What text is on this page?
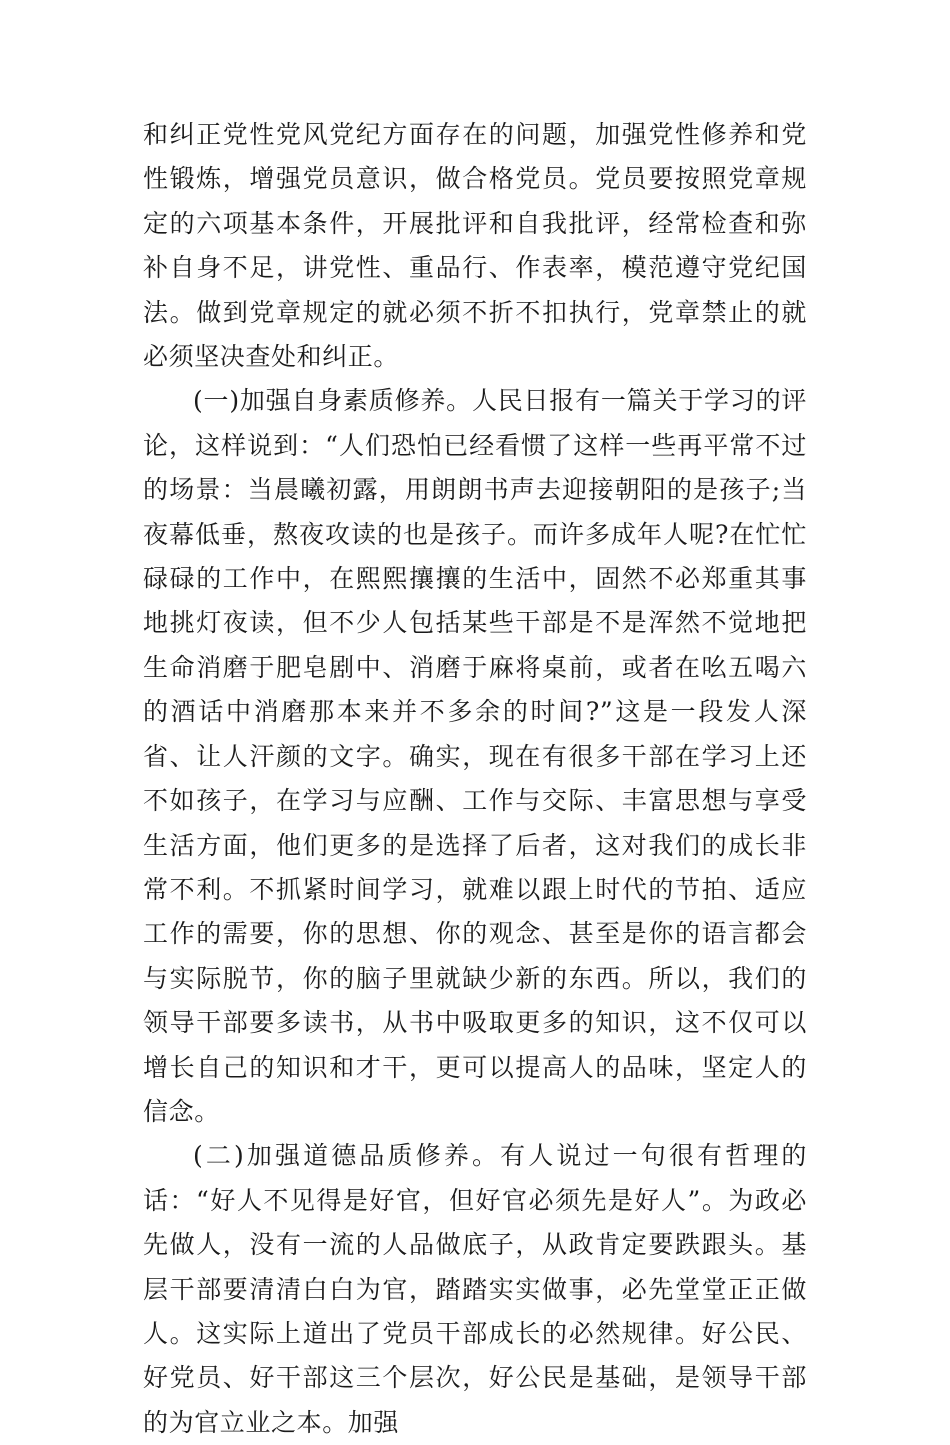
和纠正党性党风党纪方面存在的问题，加强党性修养和党性锻炼，增强党员意识，做合格党员。党员要按照党章规定的六项基本条件，开展批评和自我批评，经常检查和弥补自身不足，讲党性、重品行、作表率，模范遵守党纪国法。做到党章规定的就必须不折不扣执行，党章禁止的就必须坚决查处和纠正。

(一)加强自身素质修养。人民日报有一篇关于学习的评论，这样说到：“人们恐怕已经看惯了这样一些再平常不过的场景：当晨曦初露，用朗朗书声去迎接朝阳的是孩子;当夜幕低垂，熬夜攻读的也是孩子。而许多成年人呢?在忙忙碌碌的工作中，在熙熙攘攘的生活中，固然不必郑重其事地挑灯夜读，但不少人包括某些干部是不是浑然不觉地把生命消磨于肥皂剧中、消磨于麻将桌前，或者在吆五喝六的酒话中消磨那本来并不多余的时间?”这是一段发人深省、让人汗颜的文字。确实，现在有很多干部在学习上还不如孩子，在学习与应酬、工作与交际、丰富思想与享受生活方面，他们更多的是选择了后者，这对我们的成长非常不利。不抓紧时间学习，就难以跟上时代的节拍、适应工作的需要，你的思想、你的观念、甚至是你的语言都会与实际脱节，你的脑子里就缺少新的东西。所以，我们的领导干部要多读书，从书中吸取更多的知识，这不仅可以增长自己的知识和才干，更可以提高人的品味，坚定人的信念。

(二)加强道德品质修养。有人说过一句很有哲理的话：“好人不见得是好官，但好官必须先是好人”。为政必先做人，没有一流的人品做底子，从政肯定要跌跟头。基层干部要清清白白为官，踏踏实实做事，必先堂堂正正做人。这实际上道出了党员干部成长的必然规律。好公民、好党员、好干部这三个层次，好公民是基础，是领导干部的为官立业之本。加强
